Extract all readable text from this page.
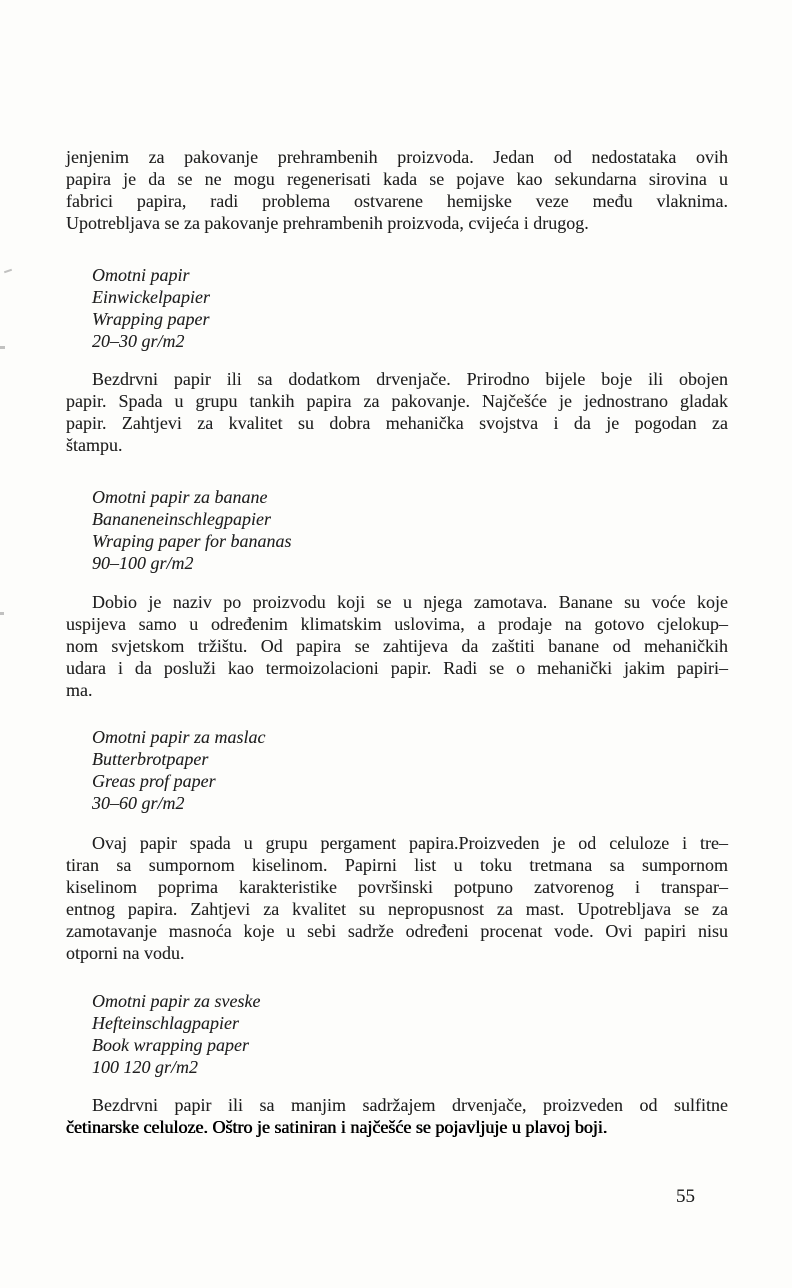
jenjenim za pakovanje prehrambenih proizvoda. Jedan od nedostataka ovih
papira je da se ne mogu regenerisati kada se pojave kao sekundarna sirovina u
fabrici papira, radi problema ostvarene hemijske veze među vlaknima.
Upotrebljava se za pakovanje prehrambenih proizvoda, cvijeća i drugog.
Omotni papir
Einwickelpapier
Wrapping paper
20–30 gr/m2
Bezdrvni papir ili sa dodatkom drvenjače. Prirodno bijele boje ili obojen
papir. Spada u grupu tankih papira za pakovanje. Najčešće je jednostrano gladak
papir. Zahtjevi za kvalitet su dobra mehanička svojstva i da je pogodan za
štampu.
Omotni papir za banane
Bananeneinschlegpapier
Wraping paper for bananas
90–100 gr/m2
Dobio je naziv po proizvodu koji se u njega zamotava. Banane su voće koje
uspijeva samo u određenim klimatskim uslovima, a prodaje na gotovo cjelokup–
nom svjetskom tržištu. Od papira se zahtijeva da zaštiti banane od mehaničkih
udara i da posluži kao termoizolacioni papir. Radi se o mehanički jakim papiri–
ma.
Omotni papir za maslac
Butterbrotpaper
Greas prof paper
30–60 gr/m2
Ovaj papir spada u grupu pergament papira.Proizveden je od celuloze i tre–
tiran sa sumpornom kiselinom. Papirni list u toku tretmana sa sumpornom
kiselinom poprima karakteristike površinski potpuno zatvorenog i transpar–
entnog papira. Zahtjevi za kvalitet su nepropusnost za mast. Upotrebljava se za
zamotavanje masnoća koje u sebi sadrže određeni procenat vode. Ovi papiri nisu
otporni na vodu.
Omotni papir za sveske
Hefteinschlagpapier
Book wrapping paper
100 120 gr/m2
Bezdrvni papir ili sa manjim sadržajem drvenjače, proizveden od sulfitne
četinarske celuloze. Oštro je satiniran i najčešće se pojavljuje u plavoj boji.
55
